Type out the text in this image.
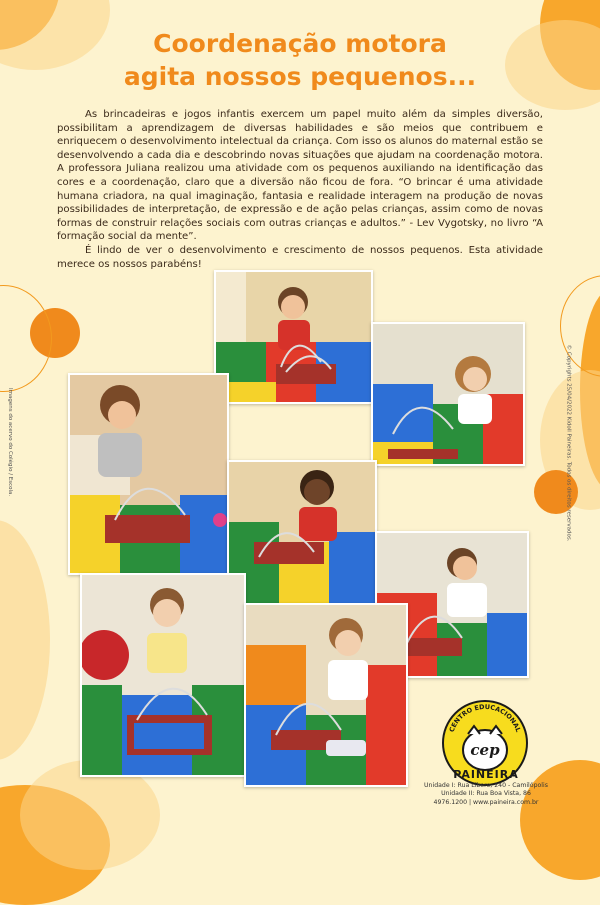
Coordenação motora
agita nossos pequenos...

As brincadeiras e jogos infantis exercem um papel muito além da simples diversão, possibilitam a aprendizagem de diversas habilidades e são meios que contribuem e enriquecem o desenvolvimento intelectual da criança. Com isso os alunos do maternal estão se desenvolvendo a cada dia e descobrindo novas situações que ajudam na coordenação motora. A professora Juliana realizou uma atividade com os pequenos auxiliando na identificação das cores e a coordenação, claro que a diversão não ficou de fora. “O brincar é uma atividade humana criadora, na qual imaginação, fantasia e realidade interagem na produção de novas possibilidades de interpretação, de expressão e de ação pelas crianças, assim como de novas formas de construir relações sociais com outras crianças e adultos.” - Lev Vygotsky, no livro “A formação social da mente”.

É lindo de ver o desenvolvimento e crescimento de nossos pequenos. Esta atividade merece os nossos parabéns!

Imagens do acervo do Colégio / Escola.	© Copyrights 25/04/2022 Kidoll Paineiras. Todos os direitos reservados.
CENTRO EDUCACIONAL
cep
PAINEIRA
Unidade I: Rua Líbero, 240 - Camilópolis
Unidade II: Rua Boa Vista, 86
4976.1200 | www.paineira.com.br
